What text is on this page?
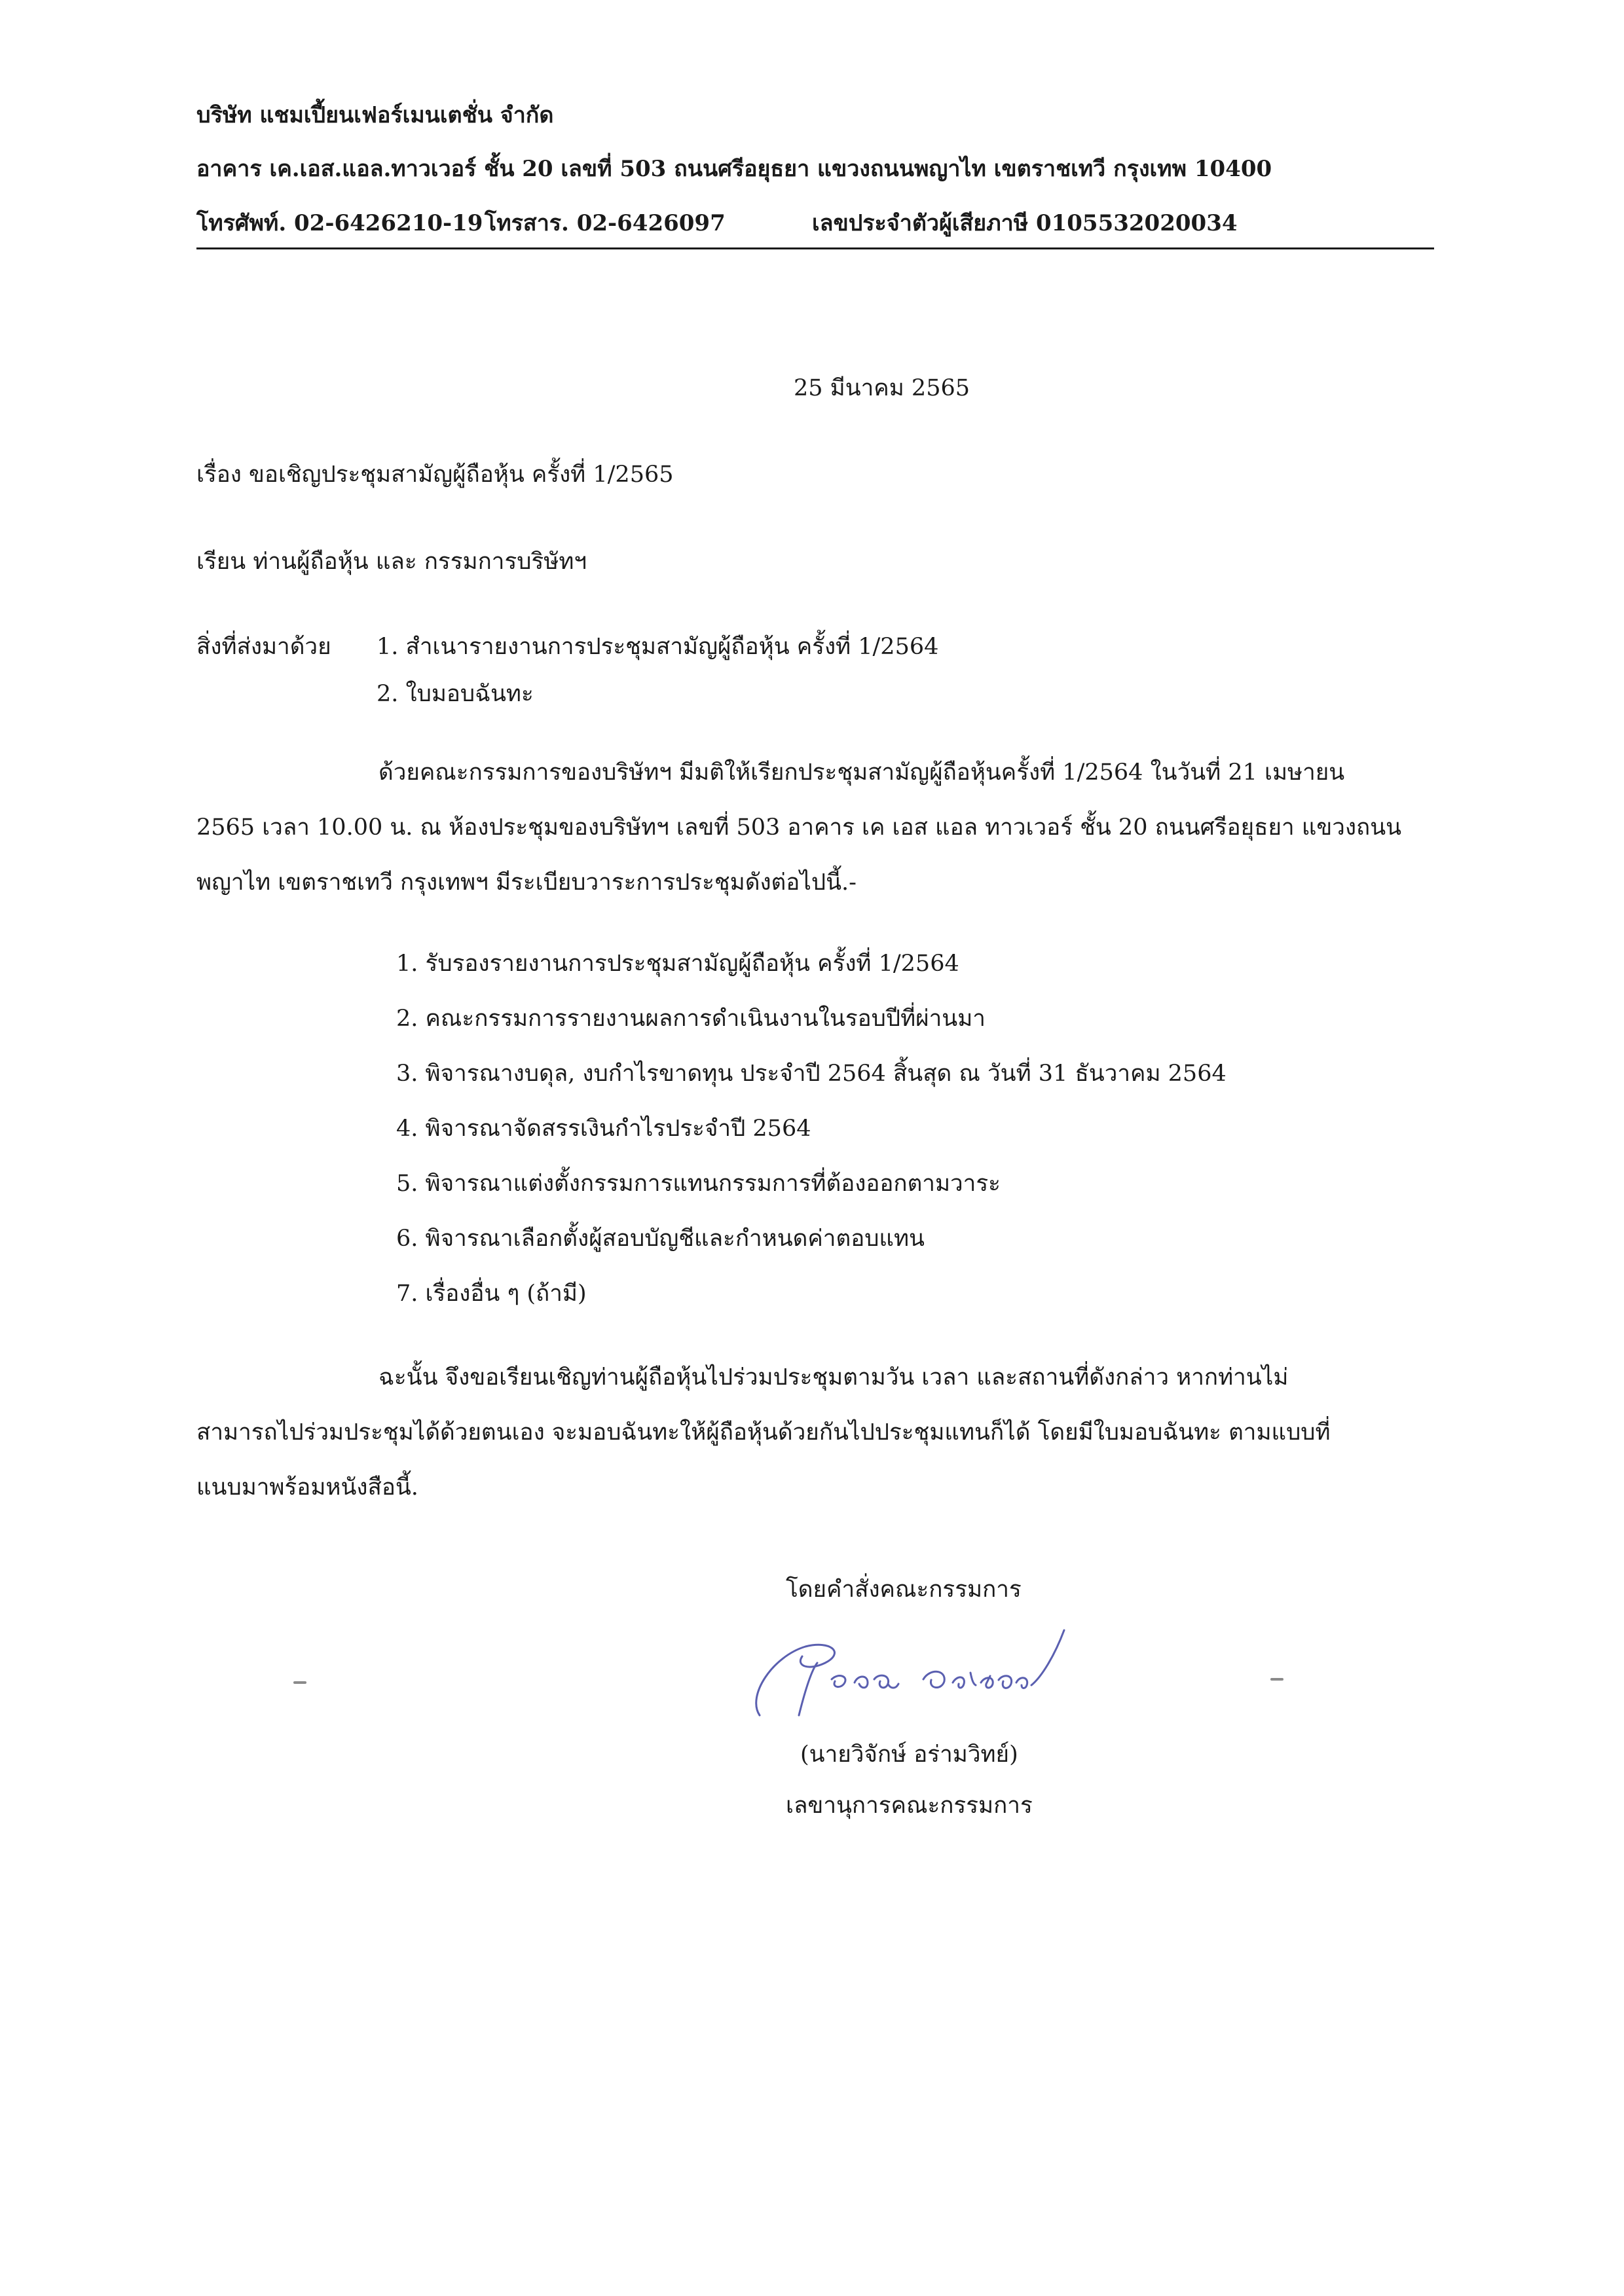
บริษัท แชมเปี้ยนเฟอร์เมนเตชั่น จำกัด
อาคาร เค.เอส.แอล.ทาวเวอร์ ชั้น 20 เลขที่ 503 ถนนศรีอยุธยา แขวงถนนพญาไท เขตราชเทวี กรุงเทพ 10400
โทรศัพท์. 02-6426210-19 โทรสาร. 02-6426097	เลขประจำตัวผู้เสียภาษี 0105532020034
25 มีนาคม 2565
เรื่อง ขอเชิญประชุมสามัญผู้ถือหุ้น ครั้งที่ 1/2565
เรียน ท่านผู้ถือหุ้น และ กรรมการบริษัทฯ
สิ่งที่ส่งมาด้วย 1. สำเนารายงานการประชุมสามัญผู้ถือหุ้น ครั้งที่ 1/2564
2. ใบมอบฉันทะ
ด้วยคณะกรรมการของบริษัทฯ มีมติให้เรียกประชุมสามัญผู้ถือหุ้นครั้งที่ 1/2564 ในวันที่ 21 เมษายน
2565 เวลา 10.00 น. ณ ห้องประชุมของบริษัทฯ เลขที่ 503 อาคาร เค เอส แอล ทาวเวอร์ ชั้น 20 ถนนศรีอยุธยา แขวงถนน
พญาไท เขตราชเทวี กรุงเทพฯ มีระเบียบวาระการประชุมดังต่อไปนี้.-
1. รับรองรายงานการประชุมสามัญผู้ถือหุ้น ครั้งที่ 1/2564
2. คณะกรรมการรายงานผลการดำเนินงานในรอบปีที่ผ่านมา
3. พิจารณางบดุล, งบกำไรขาดทุน ประจำปี 2564 สิ้นสุด ณ วันที่ 31 ธันวาคม 2564
4. พิจารณาจัดสรรเงินกำไรประจำปี 2564
5. พิจารณาแต่งตั้งกรรมการแทนกรรมการที่ต้องออกตามวาระ
6. พิจารณาเลือกตั้งผู้สอบบัญชีและกำหนดค่าตอบแทน
7. เรื่องอื่น ๆ (ถ้ามี)
ฉะนั้น จึงขอเรียนเชิญท่านผู้ถือหุ้นไปร่วมประชุมตามวัน เวลา และสถานที่ดังกล่าว หากท่านไม่
สามารถไปร่วมประชุมได้ด้วยตนเอง จะมอบฉันทะให้ผู้ถือหุ้นด้วยกันไปประชุมแทนก็ได้ โดยมีใบมอบฉันทะ ตามแบบที่
แนบมาพร้อมหนังสือนี้.
โดยคำสั่งคณะกรรมการ
(นายวิจักษ์ อร่ามวิทย์)
เลขานุการคณะกรรมการ
